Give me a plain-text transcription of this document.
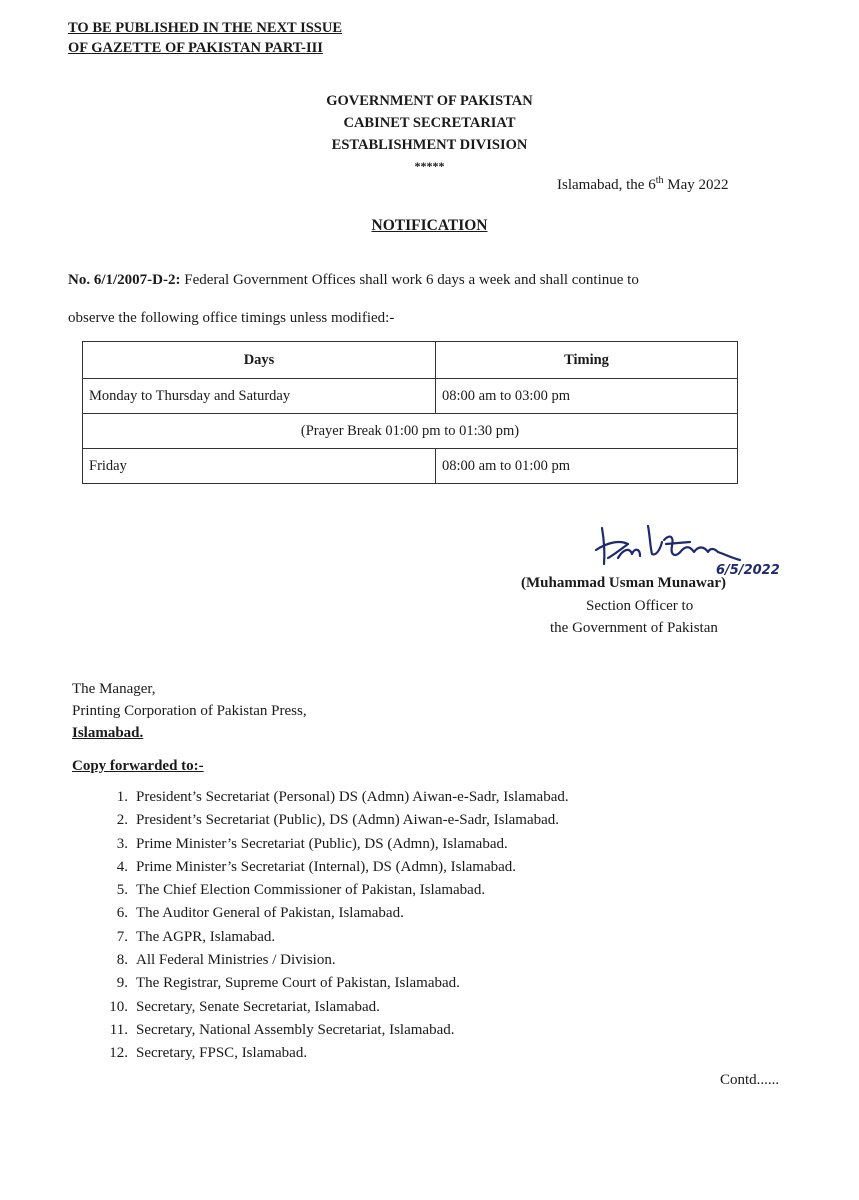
TO BE PUBLISHED IN THE NEXT ISSUE
OF GAZETTE OF PAKISTAN PART-III
GOVERNMENT OF PAKISTAN
CABINET SECRETARIAT
ESTABLISHMENT DIVISION
*****
Islamabad, the 6th May 2022
NOTIFICATION
No. 6/1/2007-D-2: Federal Government Offices shall work 6 days a week and shall continue to
observe the following office timings unless modified:-
Days	Timing
Monday to Thursday and Saturday	08:00 am to 03:00 pm
(Prayer Break 01:00 pm to 01:30 pm)	
Friday	08:00 am to 01:00 pm
6/5/2022
(Muhammad Usman Munawar)
Section Officer to
the Government of Pakistan
The Manager,
Printing Corporation of Pakistan Press,
Islamabad.
Copy forwarded to:-
1. President’s Secretariat (Personal) DS (Admn) Aiwan-e-Sadr, Islamabad.
2. President’s Secretariat (Public), DS (Admn) Aiwan-e-Sadr, Islamabad.
3. Prime Minister’s Secretariat (Public), DS (Admn), Islamabad.
4. Prime Minister’s Secretariat (Internal), DS (Admn), Islamabad.
5. The Chief Election Commissioner of Pakistan, Islamabad.
6. The Auditor General of Pakistan, Islamabad.
7. The AGPR, Islamabad.
8. All Federal Ministries / Division.
9. The Registrar, Supreme Court of Pakistan, Islamabad.
10. Secretary, Senate Secretariat, Islamabad.
11. Secretary, National Assembly Secretariat, Islamabad.
12. Secretary, FPSC, Islamabad.
Contd......
